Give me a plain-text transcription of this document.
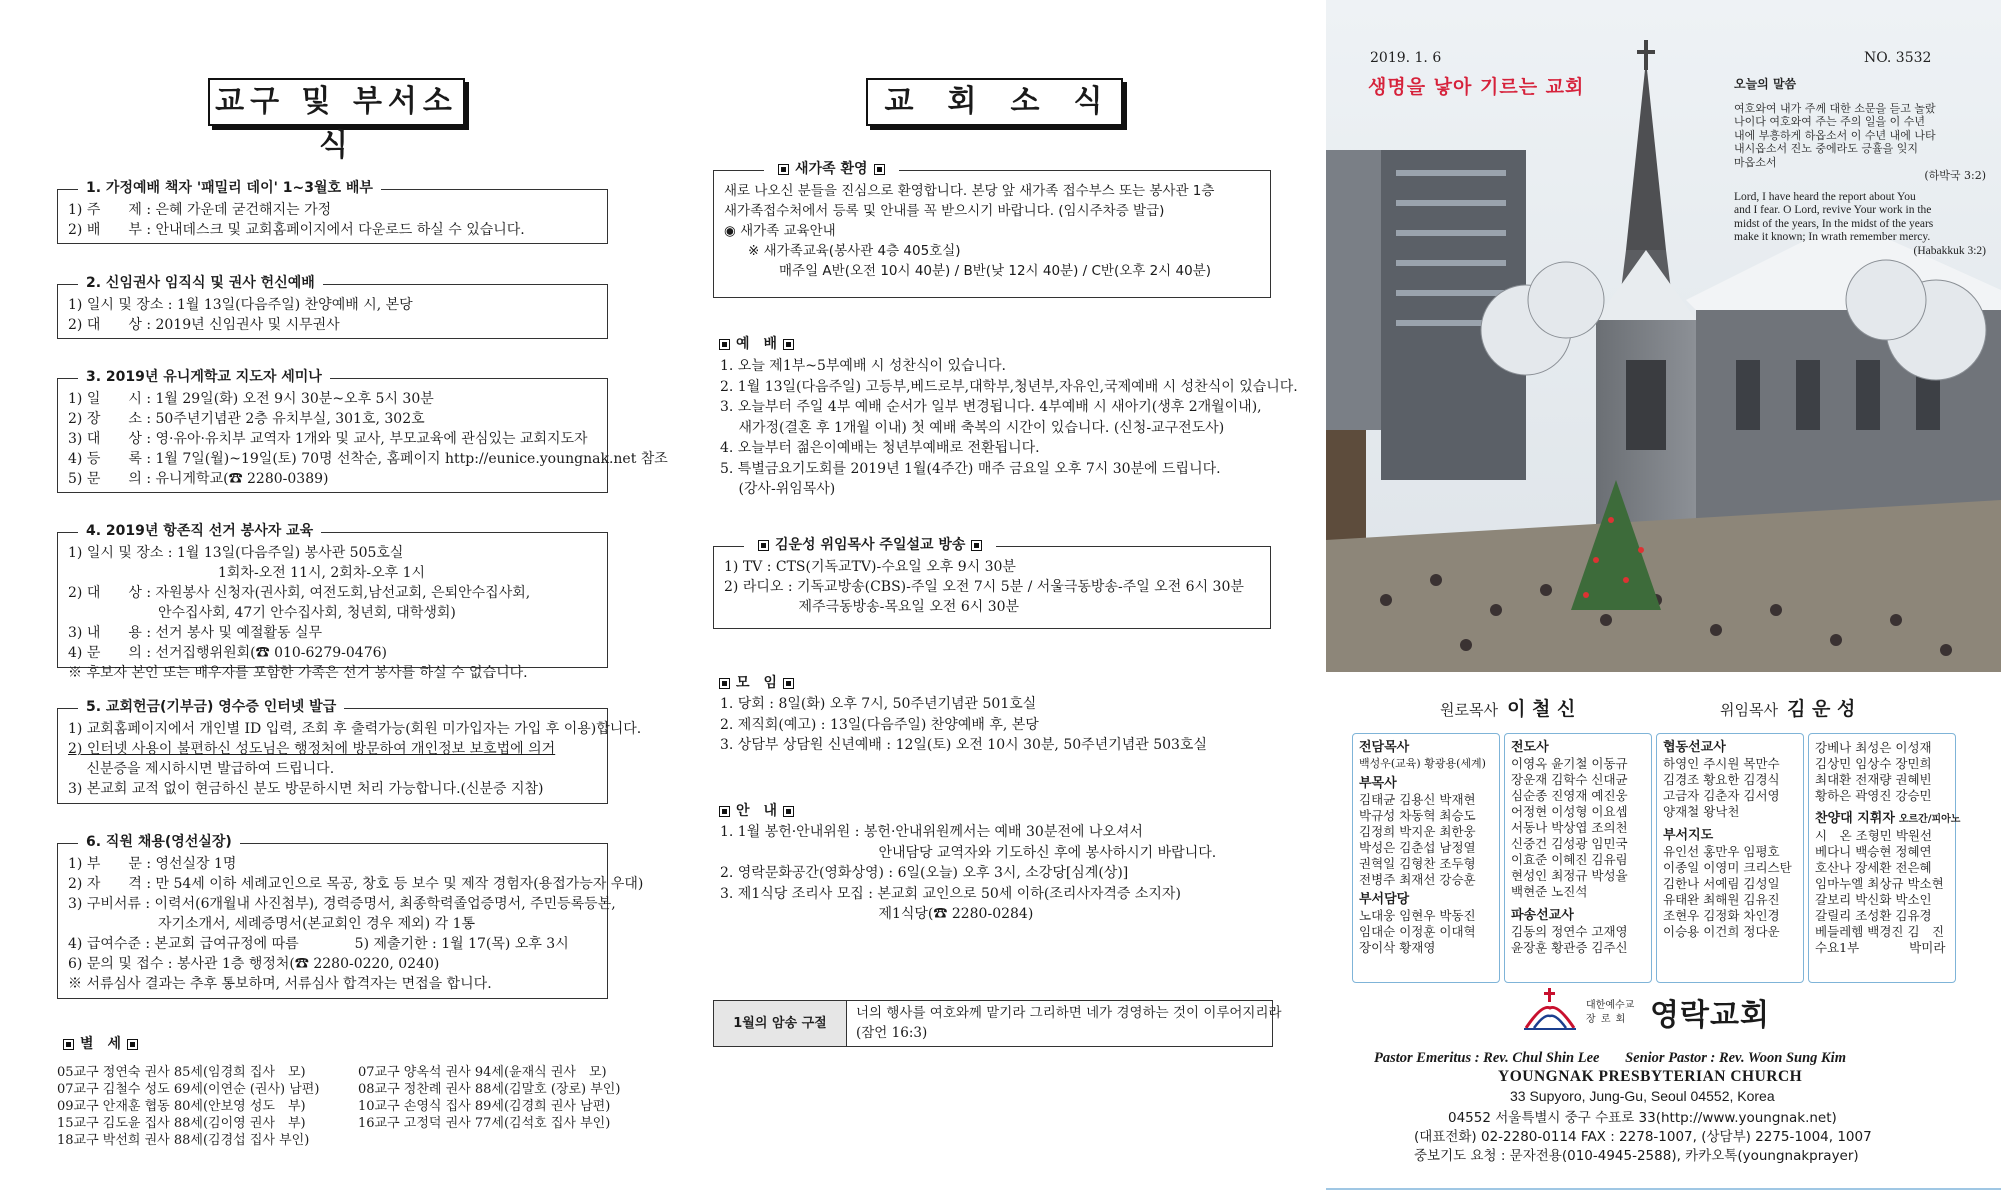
교구 및 부서소식
1. 가정예배 책자 '패밀리 데이' 1~3월호 배부
1) 주　　제 : 은혜 가운데 굳건해지는 가정
2) 배　　부 : 안내데스크 및 교회홈페이지에서 다운로드 하실 수 있습니다.
2. 신임권사 임직식 및 권사 헌신예배
1) 일시 및 장소 : 1월 13일(다음주일) 찬양예배 시, 본당
2) 대　　상 : 2019년 신임권사 및 시무권사
3. 2019년 유니게학교 지도자 세미나
1) 일　　시 : 1월 29일(화) 오전 9시 30분~오후 5시 30분
2) 장　　소 : 50주년기념관 2층 유치부실, 301호, 302호
3) 대　　상 : 영·유아·유치부 교역자 1개와 및 교사, 부모교육에 관심있는 교회지도자
4) 등　　록 : 1월 7일(월)~19일(토) 70명 선착순, 홈페이지 http://eunice.youngnak.net 참조
5) 문　　의 : 유니게학교(☎ 2280-0389)
4. 2019년 항존직 선거 봉사자 교육
1) 일시 및 장소 : 1월 13일(다음주일) 봉사관 505호실
1회차-오전 11시, 2회차-오후 1시
2) 대　　상 : 자원봉사 신청자(권사회, 여전도회,남선교회, 은퇴안수집사회,
안수집사회, 47기 안수집사회, 청년회, 대학생회)
3) 내　　용 : 선거 봉사 및 예절활동 실무
4) 문　　의 : 선거집행위원회(☎ 010-6279-0476)
※ 후보자 본인 또는 배우자를 포함한 가족은 선거 봉사를 하실 수 없습니다.
5. 교회헌금(기부금) 영수증 인터넷 발급
1) 교회홈페이지에서 개인별 ID 입력, 조회 후 출력가능(회원 미가입자는 가입 후 이용)합니다.
2) 인터넷 사용이 불편하신 성도님은 행정처에 방문하여 개인정보 보호법에 의거
　 신분증을 제시하시면 발급하여 드립니다.
3) 본교회 교적 없이 현금하신 분도 방문하시면 처리 가능합니다.(신분증 지참)
6. 직원 채용(영선실장)
1) 부　　문 : 영선실장 1명
2) 자　　격 : 만 54세 이하 세례교인으로 목공, 창호 등 보수 및 제작 경험자(용접가능자 우대)
3) 구비서류 : 이력서(6개월내 사진첨부), 경력증명서, 최종학력졸업증명서, 주민등록등본,
자기소개서, 세례증명서(본교회인 경우 제외) 각 1통
4) 급여수준 : 본교회 급여규정에 따름　　　　5) 제출기한 : 1월 17(목) 오후 3시
6) 문의 및 접수 : 봉사관 1층 행정처(☎ 2280-0220, 0240)
※ 서류심사 결과는 추후 통보하며, 서류심사 합격자는 면접을 합니다.
별　세
05교구 정연숙 권사 85세(임경희 집사　모)
07교구 김철수 성도 69세(이연순 (권사) 남편)
09교구 안재훈 협동 80세(안보영 성도　부)
15교구 김도윤 집사 88세(김이영 권사　부)
18교구 박선희 권사 88세(김경섭 집사 부인)
07교구 양옥석 권사 94세(윤재식 권사　모)
08교구 정찬례 권사 88세(김말호 (장로) 부인)
10교구 손영식 집사 89세(김경희 권사 남편)
16교구 고정덕 권사 77세(김석호 집사 부인)
교　회　소　식
새가족 환영
새로 나오신 분들을 진심으로 환영합니다. 본당 앞 새가족 접수부스 또는 봉사관 1층
새가족접수처에서 등록 및 안내를 꼭 받으시기 바랍니다. (임시주차증 발급)
◉ 새가족 교육안내
※ 새가족교육(봉사관 4층 405호실)
매주일 A반(오전 10시 40분) / B반(낮 12시 40분) / C반(오후 2시 40분)
예　배
1. 오늘 제1부~5부예배 시 성찬식이 있습니다.
2. 1월 13일(다음주일) 고등부,베드로부,대학부,청년부,자유인,국제예배 시 성찬식이 있습니다.
3. 오늘부터 주일 4부 예배 순서가 일부 변경됩니다. 4부예배 시 새아기(생후 2개월이내),
　 새가정(결혼 후 1개월 이내) 첫 예배 축복의 시간이 있습니다. (신청-교구전도사)
4. 오늘부터 젊은이예배는 청년부예배로 전환됩니다.
5. 특별금요기도회를 2019년 1월(4주간) 매주 금요일 오후 7시 30분에 드립니다.
　 (강사-위임목사)
김운성 위임목사 주일설교 방송
1) TV : CTS(기독교TV)-수요일 오후 9시 30분
2) 라디오 : 기독교방송(CBS)-주일 오전 7시 5분 / 서울극동방송-주일 오전 6시 30분
　　　　　 제주극동방송-목요일 오전 6시 30분
모　임
1. 당회 : 8일(화) 오후 7시, 50주년기념관 501호실
2. 제직회(예고) : 13일(다음주일) 찬양예배 후, 본당
3. 상담부 상담원 신년예배 : 12일(토) 오전 10시 30분, 50주년기념관 503호실
안　내
1. 1월 봉헌·안내위원 : 봉헌·안내위원께서는 예배 30분전에 나오셔서
　　　　　　　　　　　 안내담당 교역자와 기도하신 후에 봉사하시기 바랍니다.
2. 영락문화공간(영화상영) : 6일(오늘) 오후 3시, 소강당[심계(상)]
3. 제1식당 조리사 모집 : 본교회 교인으로 50세 이하(조리사자격증 소지자)
　　　　　　　　　　　 제1식당(☎ 2280-0284)
1월의 암송 구절
너의 행사를 여호와께 맡기라 그리하면 네가 경영하는 것이 이루어지리라
(잠언 16:3)
2019. 1. 6
생명을 낳아 기르는 교회
NO. 3532
오늘의 말씀
여호와여 내가 주께 대한 소문을 듣고 놀랐
나이다 여호와여 주는 주의 일을 이 수년
내에 부흥하게 하옵소서 이 수년 내에 나타
내시옵소서 진노 중에라도 긍휼을 잊지
마옵소서
(하박국 3:2)
Lord, I have heard the report about You
and I fear. O Lord, revive Your work in the
midst of the years, In the midst of the years
make it known; In wrath remember mercy.
(Habakkuk 3:2)
원로목사 이 철 신	위임목사 김 운 성
전담목사
백성우(교육) 황광용(세계)
부목사
김태균 김용신 박재현
박규성 차동혁 최승도
김정희 박지운 최한웅
박성은 김춘섭 남정열
권혁일 김형찬 조두형
전병주 최재선 강승훈
부서담당
노대웅 임현우 박동진
임대순 이정훈 이대혁
장이삭 황재영
전도사
이영옥 윤기철 이동규
장운재 김학수 신대균
심순종 진영재 예진웅
어정현 이성형 이요셉
서동나 박상엽 조의천
신중건 김성광 임민국
이효준 이혜진 김유림
현성인 최정규 박성율
백현준 노진석
파송선교사
김동의 정연수 고재영
윤장훈 황관증 김주신
협동선교사
하영인 주시원 목만수
김경조 황요한 김경식
고금자 김춘자 김서영
양재철 왕낙천
부서지도
유인선 홍만우 임평호
이종일 이영미 크리스탄
김한나 서예림 김성일
유태완 최해원 김유진
조현우 김정화 차인경
이승용 이건희 정다운
강베나 최성은 이성재
김상민 임상수 장민희
최대환 전재량 권혜빈
황하은 곽영진 강승민
찬양대 지휘자 오르간/피아노
시　온 조형민 박원선
베다니 백승현 정혜연
호산나 장세환 전은혜
임마누엘 최상규 박소현
갈보리 박신화 박소인
갈릴리 조성환 김유경
베들레헴 백경진 김　진
수요1부　　　　박미라
대한예수교
장 로 회 영락교회
Pastor Emeritus : Rev. Chul Shin Lee Senior Pastor : Rev. Woon Sung Kim
YOUNGNAK PRESBYTERIAN CHURCH
33 Supyoro, Jung-Gu, Seoul 04552, Korea
04552 서울특별시 중구 수표로 33(http://www.youngnak.net)
(대표전화) 02-2280-0114 FAX : 2278-1007, (상담부) 2275-1004, 1007
중보기도 요청 : 문자전용(010-4945-2588), 카카오톡(youngnakprayer)
